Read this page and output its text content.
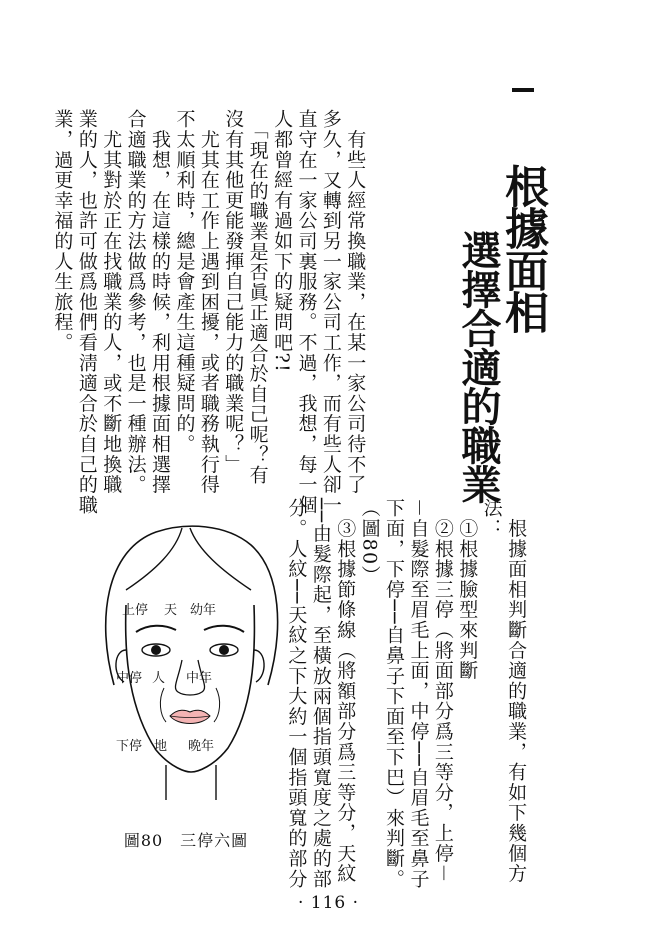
根據面相
選擇合適的職業
　有些人經常換職業，在某一家公司待不了
多久，又轉到另一家公司工作，而有些人卻一
直守在一家公司裏服務。不過，我想，每一個
人都曾經有過如下的疑問吧?!
　「現在的職業是否眞正適合於自己呢？有
沒有其他更能發揮自己能力的職業呢？」
　尤其在工作上遇到困擾，或者職務執行得
不太順利時，總是會產生這種疑問的。
　我想，在這樣的時候，利用根據面相選擇
合適職業的方法做爲參考，也是一種辦法。
　尤其對於正在找職業的人，或不斷地換職
業的人，也許可做爲他們看淸適合於自己的職
業，過更幸福的人生旅程。
　根據面相判斷合適的職業，有如下幾個方
法：
　①根據臉型來判斷
　②根據三停（將面部分爲三等分，上停－
－自髮際至眉毛上面，中停──自眉毛至鼻子
下面，下停──自鼻子下面至下巴）來判斷。
（圖80）
　③根據節條線（將額部分爲三等分，天紋
──由髮際起，至橫放兩個指頭寬度之處的部
分。人紋──天紋之下大約一個指頭寬的部分
上停 天 幼年
中停 人 中年
下停 地 晩年
圖80　三停六圖
· 116 ·
